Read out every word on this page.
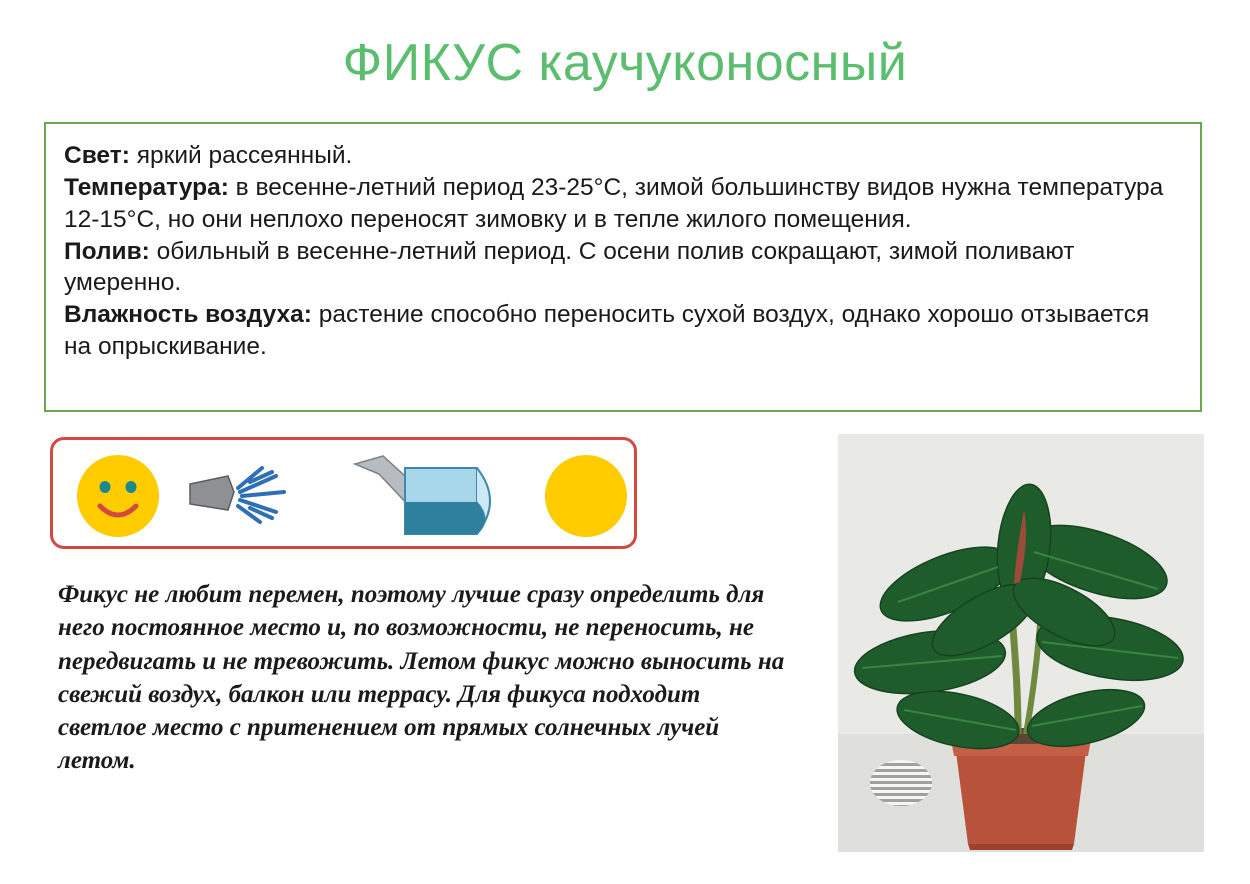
ФИКУС каучуконосный
Свет: яркий рассеянный.
Температура: в весенне-летний период 23-25°C, зимой большинству видов нужна температура 12-15°C, но они неплохо переносят зимовку и в тепле жилого помещения.
Полив: обильный в весенне-летний период. С осени полив сокращают, зимой поливают умеренно.
Влажность воздуха: растение способно переносить сухой воздух, однако хорошо отзывается на опрыскивание.
Фикус не любит перемен, поэтому лучше сразу определить для него постоянное место и, по возможности, не переносить, не передвигать и не тревожить. Летом фикус можно выносить на свежий воздух, балкон или террасу. Для фикуса подходит светлое место с притенением от прямых солнечных лучей летом.
